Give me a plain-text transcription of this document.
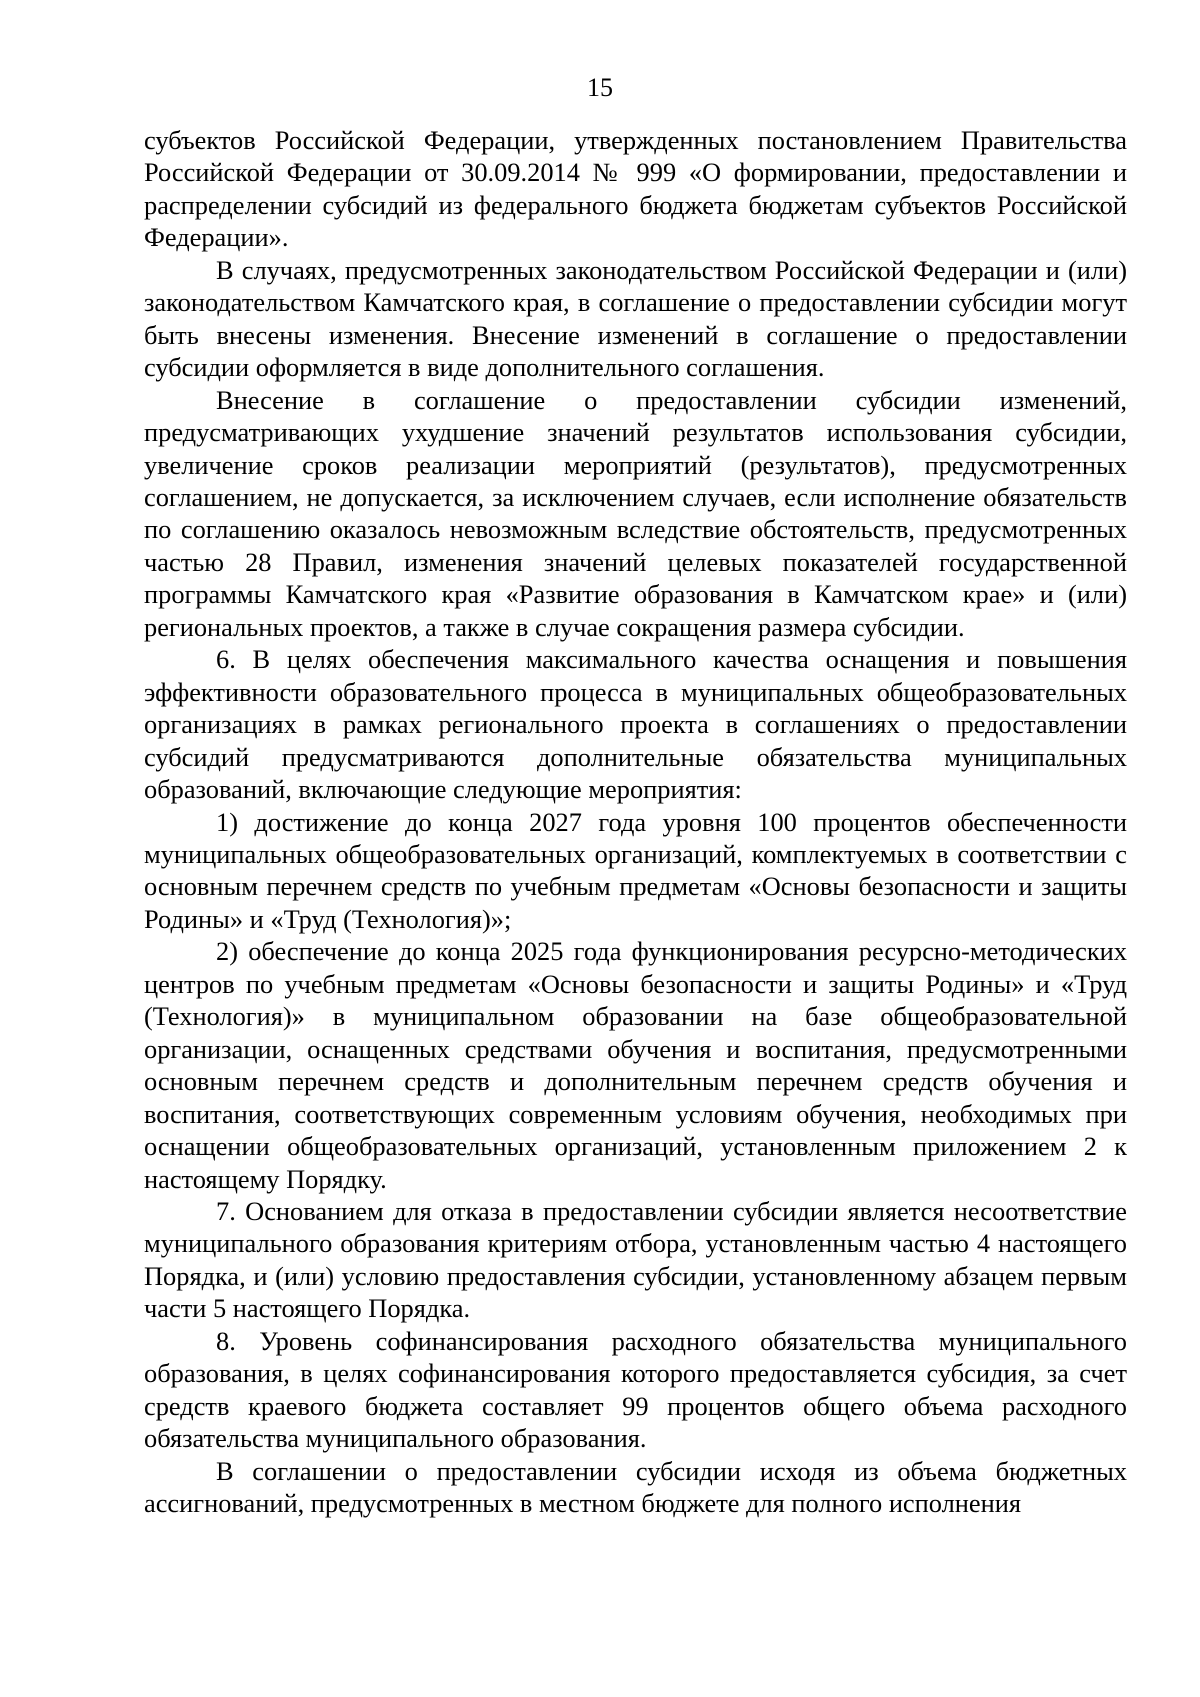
15

субъектов Российской Федерации, утвержденных постановлением Правительства Российской Федерации от 30.09.2014 № 999 «О формировании, предоставлении и распределении субсидий из федерального бюджета бюджетам субъектов Российской Федерации».

В случаях, предусмотренных законодательством Российской Федерации и (или) законодательством Камчатского края, в соглашение о предоставлении субсидии могут быть внесены изменения. Внесение изменений в соглашение о предоставлении субсидии оформляется в виде дополнительного соглашения.

Внесение в соглашение о предоставлении субсидии изменений, предусматривающих ухудшение значений результатов использования субсидии, увеличение сроков реализации мероприятий (результатов), предусмотренных соглашением, не допускается, за исключением случаев, если исполнение обязательств по соглашению оказалось невозможным вследствие обстоятельств, предусмотренных частью 28 Правил, изменения значений целевых показателей государственной программы Камчатского края «Развитие образования в Камчатском крае» и (или) региональных проектов, а также в случае сокращения размера субсидии.

6. В целях обеспечения максимального качества оснащения и повышения эффективности образовательного процесса в муниципальных общеобразовательных организациях в рамках регионального проекта в соглашениях о предоставлении субсидий предусматриваются дополнительные обязательства муниципальных образований, включающие следующие мероприятия:

1) достижение до конца 2027 года уровня 100 процентов обеспеченности муниципальных общеобразовательных организаций, комплектуемых в соответствии с основным перечнем средств по учебным предметам «Основы безопасности и защиты Родины» и «Труд (Технология)»;

2) обеспечение до конца 2025 года функционирования ресурсно-методических центров по учебным предметам «Основы безопасности и защиты Родины» и «Труд (Технология)» в муниципальном образовании на базе общеобразовательной организации, оснащенных средствами обучения и воспитания, предусмотренными основным перечнем средств и дополнительным перечнем средств обучения и воспитания, соответствующих современным условиям обучения, необходимых при оснащении общеобразовательных организаций, установленным приложением 2 к настоящему Порядку.

7. Основанием для отказа в предоставлении субсидии является несоответствие муниципального образования критериям отбора, установленным частью 4 настоящего Порядка, и (или) условию предоставления субсидии, установленному абзацем первым части 5 настоящего Порядка.

8. Уровень софинансирования расходного обязательства муниципального образования, в целях софинансирования которого предоставляется субсидия, за счет средств краевого бюджета составляет 99 процентов общего объема расходного обязательства муниципального образования.

В соглашении о предоставлении субсидии исходя из объема бюджетных ассигнований, предусмотренных в местном бюджете для полного исполнения
